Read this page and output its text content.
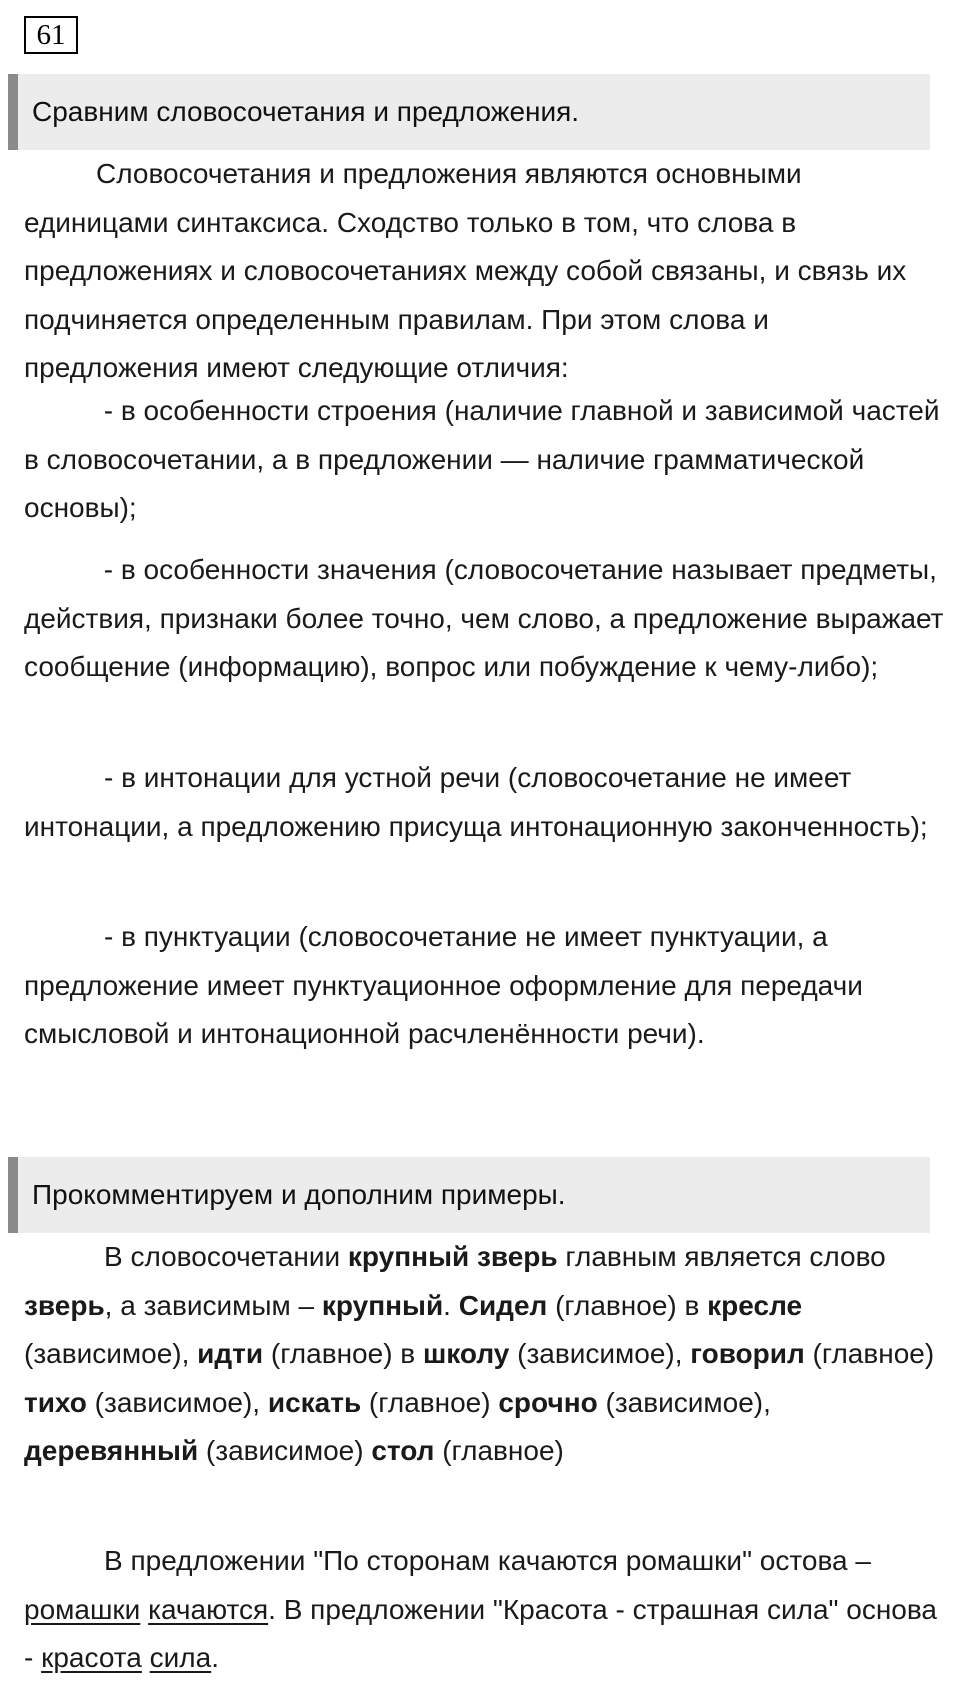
61
Сравним словосочетания и предложения.

Словосочетания и предложения являются основными единицами синтаксиса. Сходство только в том, что слова в предложениях и словосочетаниях между собой связаны, и связь их подчиняется определенным правилам. При этом слова и предложения имеют следующие отличия:

- в особенности строения (наличие главной и зависимой частей в словосочетании, а в предложении — наличие грамматической основы);

- в особенности значения (словосочетание называет предметы, действия, признаки более точно, чем слово, а предложение выражает сообщение (информацию), вопрос или побуждение к чему-либо);

- в интонации для устной речи (словосочетание не имеет интонации, а предложению присуща интонационную законченность);

- в пунктуации (словосочетание не имеет пунктуации, а предложение имеет пунктуационное оформление для передачи смысловой и интонационной расчленённости речи).

Прокомментируем и дополним примеры.

В словосочетании крупный зверь главным является слово зверь, а зависимым – крупный. Сидел (главное) в кресле (зависимое), идти (главное) в школу (зависимое), говорил (главное) тихо (зависимое), искать (главное) срочно (зависимое), деревянный (зависимое) стол (главное)

В предложении "По сторонам качаются ромашки" остова – ромашки качаются. В предложении "Красота - страшная сила" основа - красота сила.
